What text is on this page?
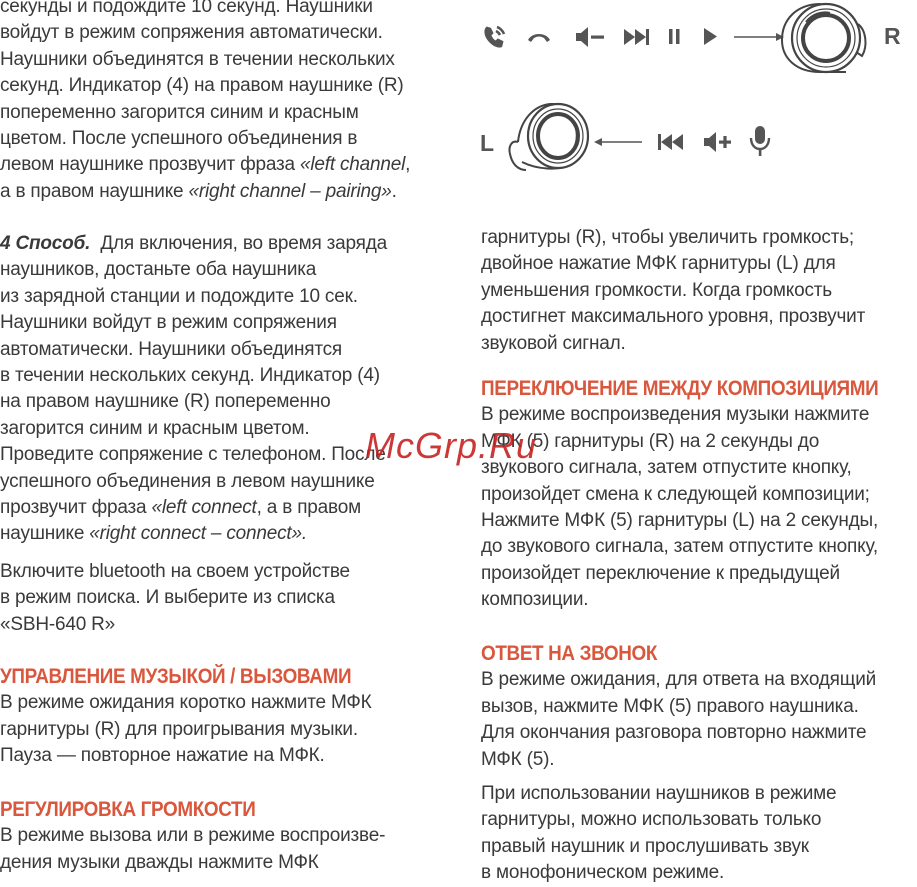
секунды и подождите 10 секунд. Наушники
войдут в режим сопряжения автоматически.
Наушники объединятся в течении нескольких
секунд. Индикатор (4) на правом наушнике (R)
попеременно загорится синим и красным
цветом. После успешного объединения в
левом наушнике прозвучит фраза «left channel,
а в правом наушнике «right channel – pairing».
4 Способ.  Для включения, во время заряда
наушников, достаньте оба наушника
из зарядной станции и подождите 10 сек.
Наушники войдут в режим сопряжения
автоматически. Наушники объединятся
в течении нескольких секунд. Индикатор (4)
на правом наушнике (R) попеременно
загорится синим и красным цветом.
Проведите сопряжение с телефоном. После
успешного объединения в левом наушнике
прозвучит фраза «left connect, а в правом
наушнике «right connect – connect».
Включите bluetooth на своем устройстве
в режим поиска. И выберите из списка
«SBH-640 R»
УПРАВЛЕНИЕ МУЗЫКОЙ / ВЫЗОВАМИ
В режиме ожидания коротко нажмите МФК
гарнитуры (R) для проигрывания музыки.
Пауза — повторное нажатие на МФК.
РЕГУЛИРОВКА ГРОМКОСТИ
В режиме вызова или в режиме воспроизве-
дения музыки дважды нажмите МФК
R
L
гарнитуры (R), чтобы увеличить громкость;
двойное нажатие МФК гарнитуры (L) для
уменьшения громкости. Когда громкость
достигнет максимального уровня, прозвучит
звуковой сигнал.
ПЕРЕКЛЮЧЕНИЕ МЕЖДУ КОМПОЗИЦИЯМИ
В режиме воспроизведения музыки нажмите
МФК (5) гарнитуры (R) на 2 секунды до
звукового сигнала, затем отпустите кнопку,
произойдет смена к следующей композиции;
Нажмите МФК (5) гарнитуры (L) на 2 секунды,
до звукового сигнала, затем отпустите кнопку,
произойдет переключение к предыдущей
композиции.
ОТВЕТ НА ЗВОНОК
В режиме ожидания, для ответа на входящий
вызов, нажмите МФК (5) правого наушника.
Для окончания разговора повторно нажмите
МФК (5).
При использовании наушников в режиме
гарнитуры, можно использовать только
правый наушник и прослушивать звук
в монофоническом режиме.
McGrp.Ru
